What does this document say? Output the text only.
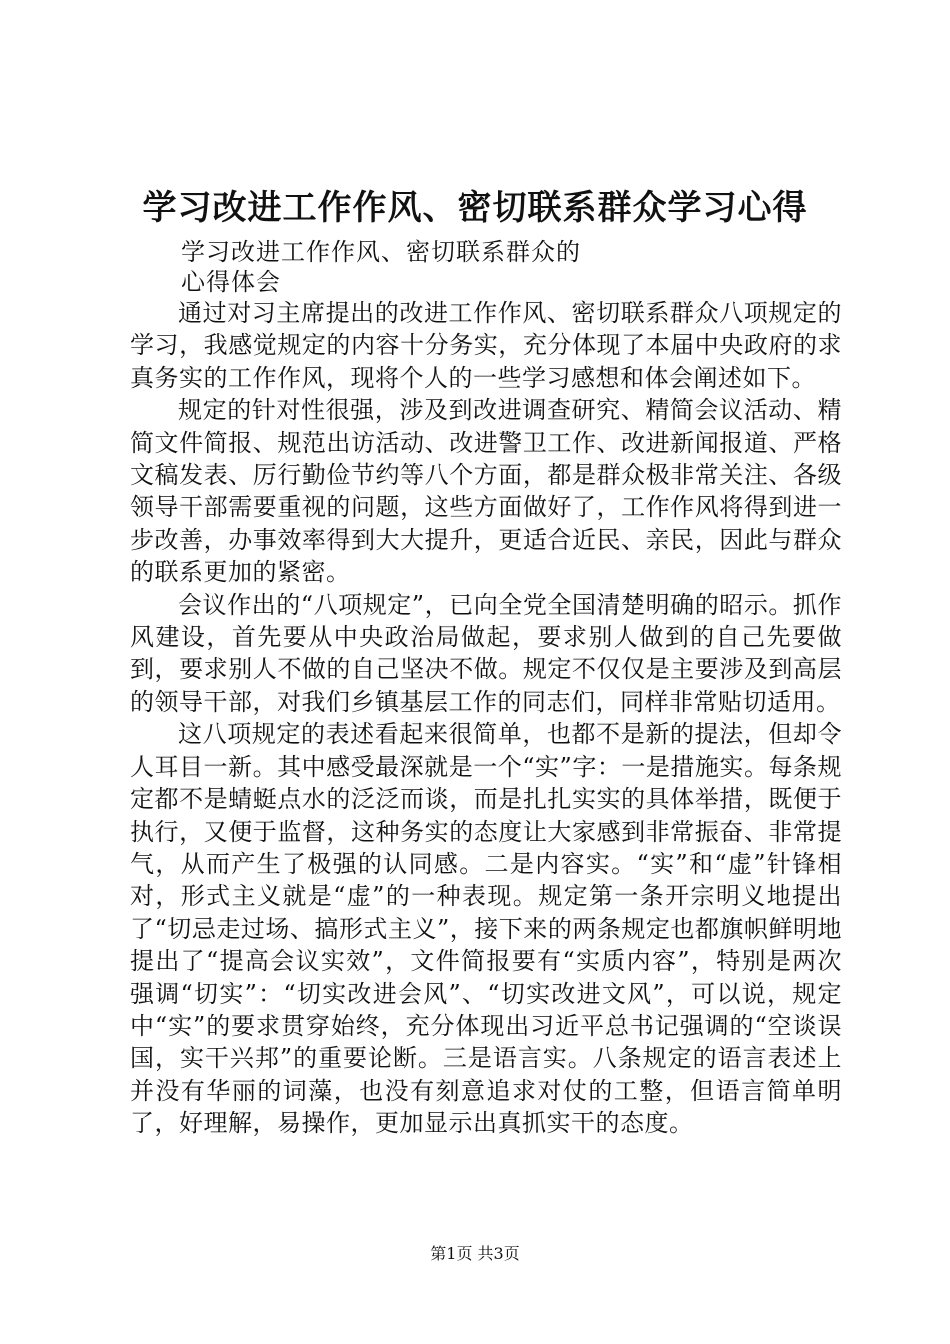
学习改进工作作风、密切联系群众学习心得

学习改进工作作风、密切联系群众的

心得体会

通过对习主席提出的改进工作作风、密切联系群众八项规定的学习，我感觉规定的内容十分务实，充分体现了本届中央政府的求真务实的工作作风，现将个人的一些学习感想和体会阐述如下。

规定的针对性很强，涉及到改进调查研究、精简会议活动、精简文件简报、规范出访活动、改进警卫工作、改进新闻报道、严格文稿发表、厉行勤俭节约等八个方面，都是群众极非常关注、各级领导干部需要重视的问题，这些方面做好了，工作作风将得到进一步改善，办事效率得到大大提升，更适合近民、亲民，因此与群众的联系更加的紧密。

会议作出的“八项规定”，已向全党全国清楚明确的昭示。抓作风建设，首先要从中央政治局做起，要求别人做到的自己先要做到，要求别人不做的自己坚决不做。规定不仅仅是主要涉及到高层的领导干部，对我们乡镇基层工作的同志们，同样非常贴切适用。

这八项规定的表述看起来很简单，也都不是新的提法，但却令人耳目一新。其中感受最深就是一个“实”字：一是措施实。每条规定都不是蜻蜓点水的泛泛而谈，而是扎扎实实的具体举措，既便于执行，又便于监督，这种务实的态度让大家感到非常振奋、非常提气，从而产生了极强的认同感。二是内容实。“实”和“虚”针锋相对，形式主义就是“虚”的一种表现。规定第一条开宗明义地提出了“切忌走过场、搞形式主义”，接下来的两条规定也都旗帜鲜明地提出了“提高会议实效”，文件简报要有“实质内容”，特别是两次强调“切实”：“切实改进会风”、“切实改进文风”，可以说，规定中“实”的要求贯穿始终，充分体现出习近平总书记强调的“空谈误国，实干兴邦”的重要论断。三是语言实。八条规定的语言表述上并没有华丽的词藻，也没有刻意追求对仗的工整，但语言简单明了，好理解，易操作，更加显示出真抓实干的态度。

第1页 共3页
